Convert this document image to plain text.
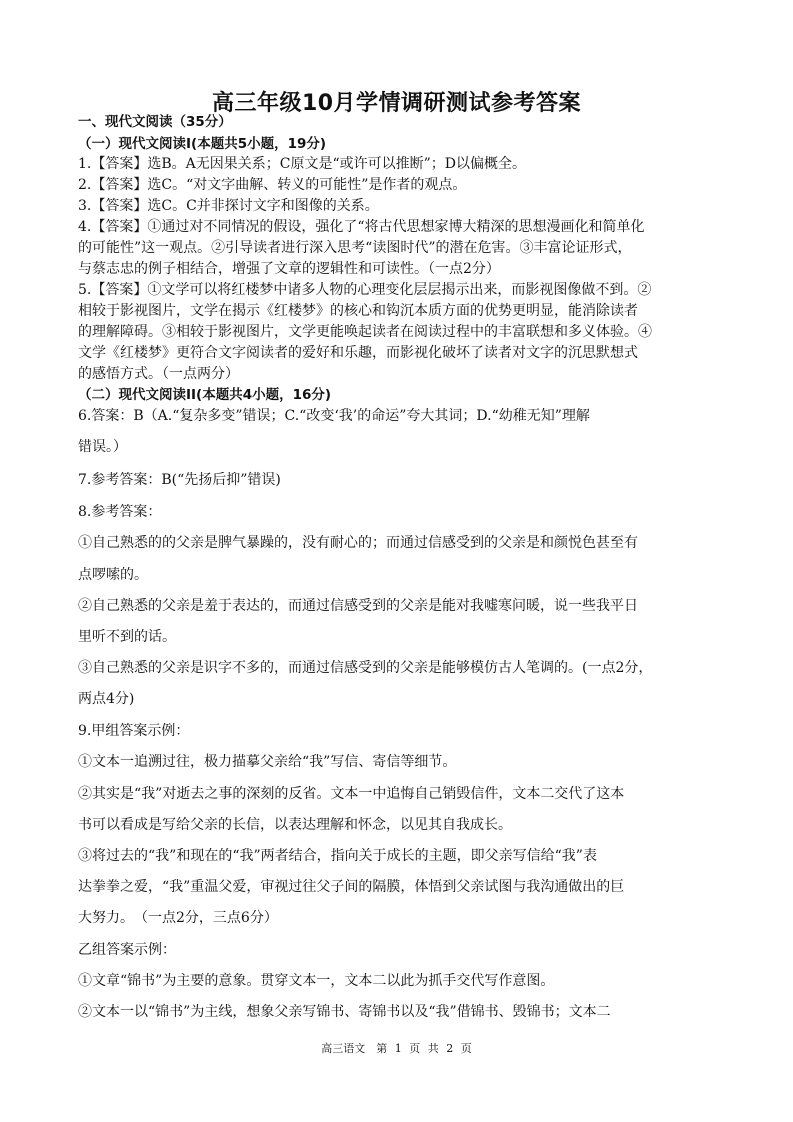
高三年级10月学情调研测试参考答案
一、现代文阅读（35分）
（一）现代文阅读Ⅰ(本题共5小题，19分)
1.【答案】选B。A无因果关系；C原文是“或许可以推断”；D以偏概全。
2.【答案】选C。“对文字曲解、转义的可能性”是作者的观点。
3.【答案】选C。C并非探讨文字和图像的关系。
4.【答案】①通过对不同情况的假设，强化了“将古代思想家博大精深的思想漫画化和简单化
的可能性”这一观点。②引导读者进行深入思考“读图时代”的潜在危害。③丰富论证形式，
与蔡志忠的例子相结合，增强了文章的逻辑性和可读性。（一点2分）
5.【答案】①文学可以将红楼梦中诸多人物的心理变化层层揭示出来，而影视图像做不到。②
相较于影视图片，文学在揭示《红楼梦》的核心和钩沉本质方面的优势更明显，能消除读者
的理解障碍。③相较于影视图片，文学更能唤起读者在阅读过程中的丰富联想和多义体验。④
文学《红楼梦》更符合文字阅读者的爱好和乐趣，而影视化破坏了读者对文字的沉思默想式
的感悟方式。（一点两分）
（二）现代文阅读II(本题共4小题，16分)
6.答案：B（A.“复杂多变”错误；C.“改变‘我’的命运”夸大其词；D.“幼稚无知”理解
错误。）
7.参考答案：B(“先扬后抑”错误)
8.参考答案：
①自己熟悉的的父亲是脾气暴躁的，没有耐心的；而通过信感受到的父亲是和颜悦色甚至有
点啰嗦的。
②自己熟悉的父亲是羞于表达的，而通过信感受到的父亲是能对我嘘寒问暖，说一些我平日
里听不到的话。
③自己熟悉的父亲是识字不多的，而通过信感受到的父亲是能够模仿古人笔调的。(一点2分，
两点4分)
9.甲组答案示例：
①文本一追溯过往，极力描摹父亲给“我”写信、寄信等细节。
②其实是“我”对逝去之事的深刻的反省。文本一中追悔自己销毁信件，文本二交代了这本
书可以看成是写给父亲的长信，以表达理解和怀念，以见其自我成长。
③将过去的“我”和现在的“我”两者结合，指向关于成长的主题，即父亲写信给“我”表
达拳拳之爱，“我”重温父爱，审视过往父子间的隔膜，体悟到父亲试图与我沟通做出的巨
大努力。　（一点2分，三点6分）
乙组答案示例：
①文章“锦书”为主要的意象。贯穿文本一，文本二以此为抓手交代写作意图。
②文本一以“锦书”为主线，想象父亲写锦书、寄锦书以及“我”借锦书、毁锦书；文本二
高三语文　第 1 页 共 2 页
